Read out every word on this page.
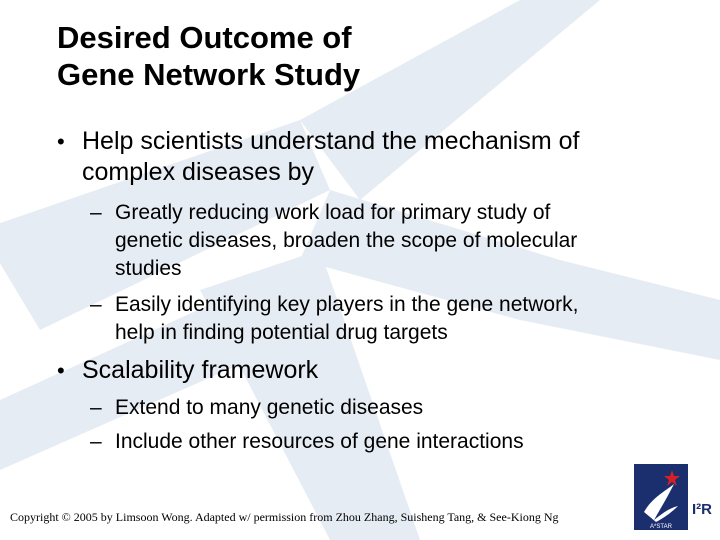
Desired Outcome of
Gene Network Study
• Help scientists understand the mechanism of
complex diseases by
– Greatly reducing work load for primary study of
genetic diseases, broaden the scope of molecular
studies
– Easily identifying key players in the gene network,
help in finding potential drug targets
• Scalability framework
– Extend to many genetic diseases
– Include other resources of gene interactions
Copyright © 2005 by Limsoon Wong. Adapted w/ permission from Zhou Zhang, Suisheng Tang, & See-Kiong Ng
A*STAR
I²R
